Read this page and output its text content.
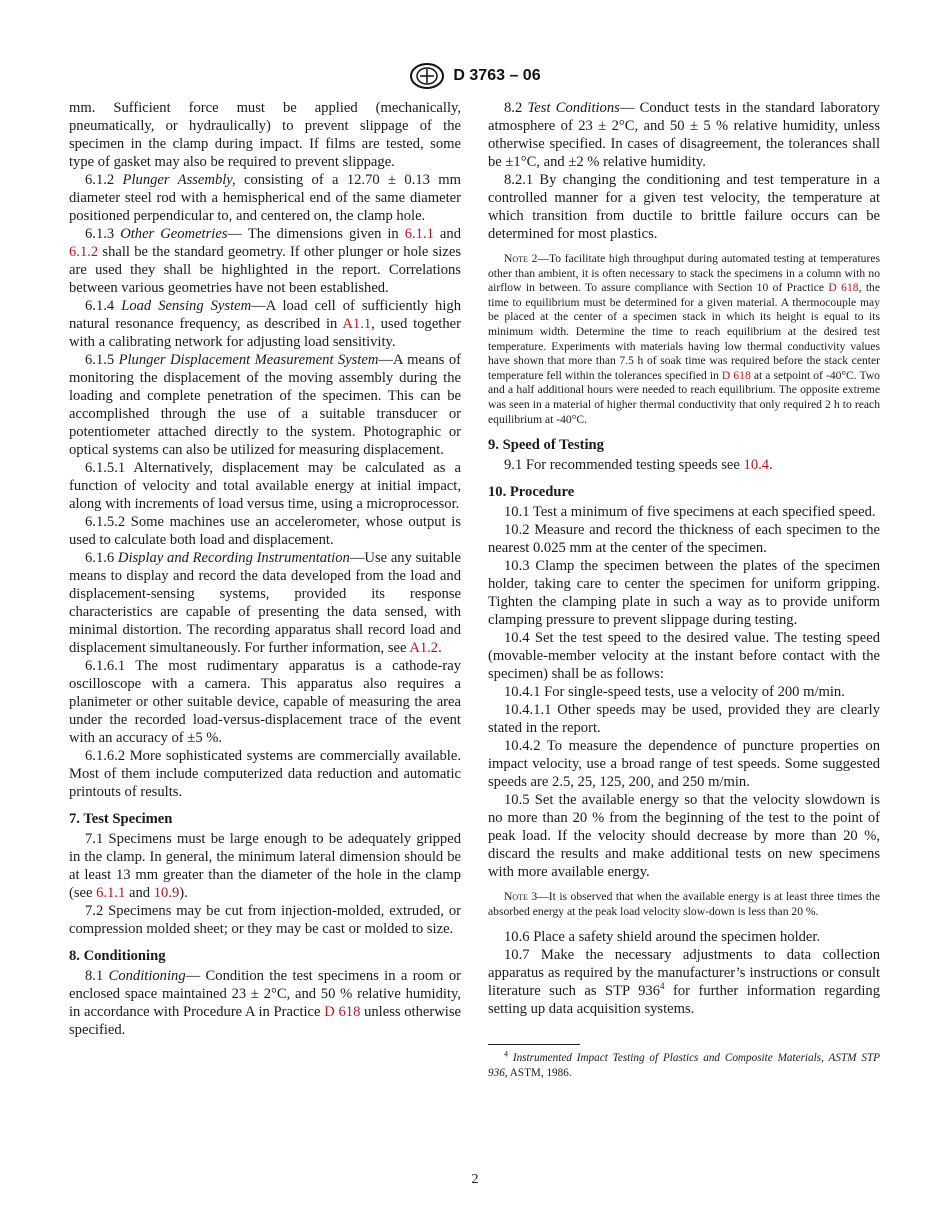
D 3763 – 06

mm. Sufficient force must be applied (mechanically, pneumatically, or hydraulically) to prevent slippage of the specimen in the clamp during impact. If films are tested, some type of gasket may also be required to prevent slippage.

6.1.2 Plunger Assembly, consisting of a 12.70 ± 0.13 mm diameter steel rod with a hemispherical end of the same diameter positioned perpendicular to, and centered on, the clamp hole.

6.1.3 Other Geometries— The dimensions given in 6.1.1 and 6.1.2 shall be the standard geometry. If other plunger or hole sizes are used they shall be highlighted in the report. Correlations between various geometries have not been established.

6.1.4 Load Sensing System—A load cell of sufficiently high natural resonance frequency, as described in A1.1, used together with a calibrating network for adjusting load sensitivity.

6.1.5 Plunger Displacement Measurement System—A means of monitoring the displacement of the moving assembly during the loading and complete penetration of the specimen. This can be accomplished through the use of a suitable transducer or potentiometer attached directly to the system. Photographic or optical systems can also be utilized for measuring displacement.

6.1.5.1 Alternatively, displacement may be calculated as a function of velocity and total available energy at initial impact, along with increments of load versus time, using a microprocessor.

6.1.5.2 Some machines use an accelerometer, whose output is used to calculate both load and displacement.

6.1.6 Display and Recording Instrumentation—Use any suitable means to display and record the data developed from the load and displacement-sensing systems, provided its response characteristics are capable of presenting the data sensed, with minimal distortion. The recording apparatus shall record load and displacement simultaneously. For further information, see A1.2.

6.1.6.1 The most rudimentary apparatus is a cathode-ray oscilloscope with a camera. This apparatus also requires a planimeter or other suitable device, capable of measuring the area under the recorded load-versus-displacement trace of the event with an accuracy of ±5 %.

6.1.6.2 More sophisticated systems are commercially available. Most of them include computerized data reduction and automatic printouts of results.

7. Test Specimen

7.1 Specimens must be large enough to be adequately gripped in the clamp. In general, the minimum lateral dimension should be at least 13 mm greater than the diameter of the hole in the clamp (see 6.1.1 and 10.9).

7.2 Specimens may be cut from injection-molded, extruded, or compression molded sheet; or they may be cast or molded to size.

8. Conditioning

8.1 Conditioning— Condition the test specimens in a room or enclosed space maintained 23 ± 2°C, and 50 % relative humidity, in accordance with Procedure A in Practice D 618 unless otherwise specified.

8.2 Test Conditions— Conduct tests in the standard laboratory atmosphere of 23 ± 2°C, and 50 ± 5 % relative humidity, unless otherwise specified. In cases of disagreement, the tolerances shall be ±1°C, and ±2 % relative humidity.

8.2.1 By changing the conditioning and test temperature in a controlled manner for a given test velocity, the temperature at which transition from ductile to brittle failure occurs can be determined for most plastics.

Note 2—To facilitate high throughput during automated testing at temperatures other than ambient, it is often necessary to stack the specimens in a column with no airflow in between. To assure compliance with Section 10 of Practice D 618, the time to equilibrium must be determined for a given material. A thermocouple may be placed at the center of a specimen stack in which its height is equal to its minimum width. Determine the time to reach equilibrium at the desired test temperature. Experiments with materials having low thermal conductivity values have shown that more than 7.5 h of soak time was required before the stack center temperature fell within the tolerances specified in D 618 at a setpoint of -40°C. Two and a half additional hours were needed to reach equilibrium. The opposite extreme was seen in a material of higher thermal conductivity that only required 2 h to reach equilibrium at -40°C.

9. Speed of Testing

9.1 For recommended testing speeds see 10.4.

10. Procedure

10.1 Test a minimum of five specimens at each specified speed.

10.2 Measure and record the thickness of each specimen to the nearest 0.025 mm at the center of the specimen.

10.3 Clamp the specimen between the plates of the specimen holder, taking care to center the specimen for uniform gripping. Tighten the clamping plate in such a way as to provide uniform clamping pressure to prevent slippage during testing.

10.4 Set the test speed to the desired value. The testing speed (movable-member velocity at the instant before contact with the specimen) shall be as follows:

10.4.1 For single-speed tests, use a velocity of 200 m/min.

10.4.1.1 Other speeds may be used, provided they are clearly stated in the report.

10.4.2 To measure the dependence of puncture properties on impact velocity, use a broad range of test speeds. Some suggested speeds are 2.5, 25, 125, 200, and 250 m/min.

10.5 Set the available energy so that the velocity slowdown is no more than 20 % from the beginning of the test to the point of peak load. If the velocity should decrease by more than 20 %, discard the results and make additional tests on new specimens with more available energy.

Note 3—It is observed that when the available energy is at least three times the absorbed energy at the peak load velocity slow-down is less than 20 %.

10.6 Place a safety shield around the specimen holder.

10.7 Make the necessary adjustments to data collection apparatus as required by the manufacturer’s instructions or consult literature such as STP $936^4$ for further information regarding setting up data acquisition systems.

$^4$ Instrumented Impact Testing of Plastics and Composite Materials, ASTM STP 936, ASTM, 1986.

2
